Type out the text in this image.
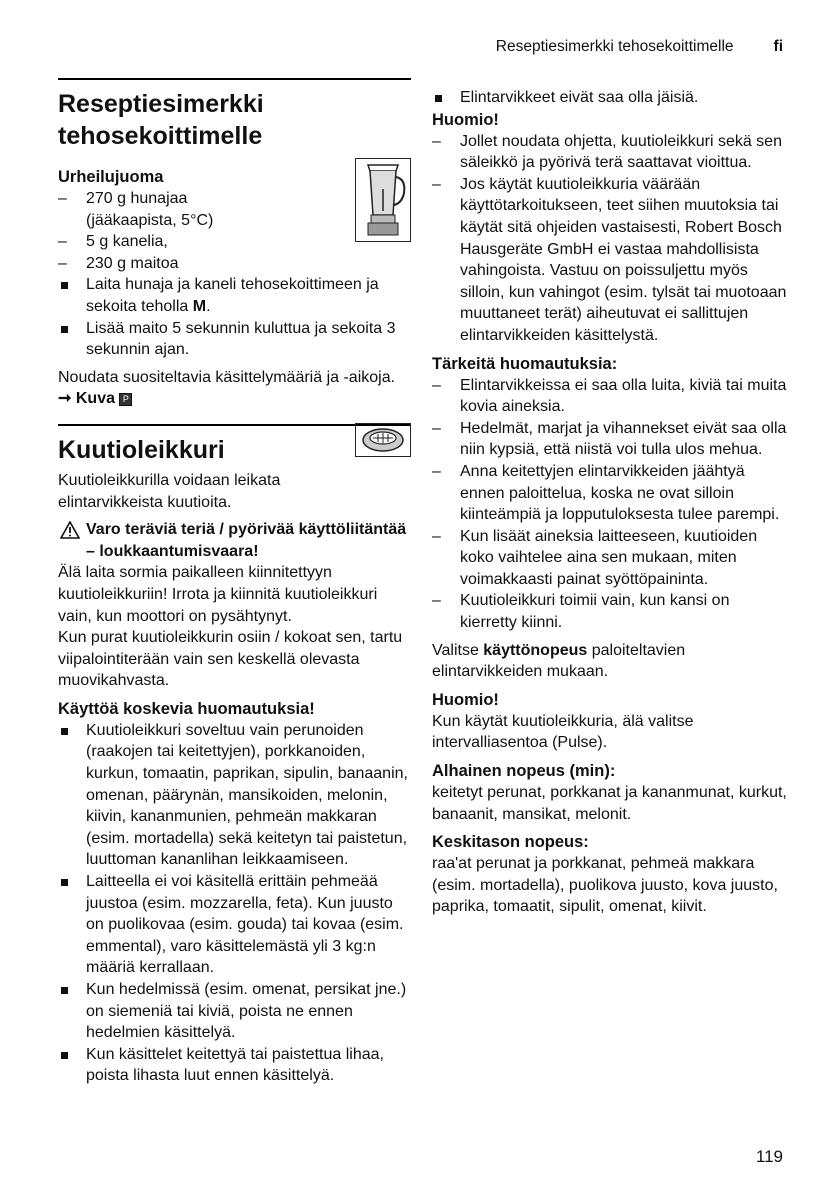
Reseptiesimerkki tehosekoittimelle	fi
Reseptiesimerkki
tehosekoittimelle
Urheilujuoma
– 270 g hunajaa
(jääkaapista, 5°C)
– 5 g kanelia,
– 230 g maitoa
Laita hunaja ja kaneli tehosekoittimeen ja sekoita teholla M.
Lisää maito 5 sekunnin kuluttua ja sekoita 3 sekunnin ajan.

Noudata suositeltavia käsittelymääriä ja -aikoja. ➞ Kuva P

Kuutioleikkuri

Kuutioleikkurilla voidaan leikata elintarvikkeista kuutioita.

Varo teräviä teriä / pyörivää käyttöliitäntää – loukkaantumisvaara!

Älä laita sormia paikalleen kiinnitettyyn kuutioleikkuriin! Irrota ja kiinnitä kuutioleikkuri vain, kun moottori on pysähtynyt.

Kun purat kuutioleikkurin osiin / kokoat sen, tartu viipalointiterään vain sen keskellä olevasta muovikahvasta.

Käyttöä koskevia huomautuksia!
Kuutioleikkuri soveltuu vain perunoiden (raakojen tai keitettyjen), porkkanoiden, kurkun, tomaatin, paprikan, sipulin, banaanin, omenan, päärynän, mansikoiden, melonin, kiivin, kananmunien, pehmeän makkaran (esim. mortadella) sekä keitetyn tai paistetun, luuttoman kananlihan leikkaamiseen.
Laitteella ei voi käsitellä erittäin pehmeää juustoa (esim. mozzarella, feta). Kun juusto on puolikovaa (esim. gouda) tai kovaa (esim. emmental), varo käsittelemästä yli 3 kg:n määriä kerrallaan.
Kun hedelmissä (esim. omenat, persikat jne.) on siemeniä tai kiviä, poista ne ennen hedelmien käsittelyä.
Kun käsittelet keitettyä tai paistettua lihaa, poista lihasta luut ennen käsittelyä.
Elintarvikkeet eivät saa olla jäisiä.
Huomio!
– Jollet noudata ohjetta, kuutioleikkuri sekä sen säleikkö ja pyörivä terä saattavat vioittua.
– Jos käytät kuutioleikkuria väärään käyttötarkoitukseen, teet siihen muutoksia tai käytät sitä ohjeiden vastaisesti, Robert Bosch Hausgeräte GmbH ei vastaa mahdollisista vahingoista. Vastuu on poissuljettu myös silloin, kun vahingot (esim. tylsät tai muotoaan muuttaneet terät) aiheutuvat ei sallittujen elintarvikkeiden käsittelystä.
Tärkeitä huomautuksia:
– Elintarvikkeissa ei saa olla luita, kiviä tai muita kovia aineksia.
– Hedelmät, marjat ja vihannekset eivät saa olla niin kypsiä, että niistä voi tulla ulos mehua.
– Anna keitettyjen elintarvikkeiden jäähtyä ennen paloittelua, koska ne ovat silloin kiinteämpiä ja lopputuloksesta tulee parempi.
– Kun lisäät aineksia laitteeseen, kuutioiden koko vaihtelee aina sen mukaan, miten voimakkaasti painat syöttöpaininta.
– Kuutioleikkuri toimii vain, kun kansi on kierretty kiinni.

Valitse käyttönopeus paloiteltavien elintarvikkeiden mukaan.

Huomio!

Kun käytät kuutioleikkuria, älä valitse intervalliasentoa (Pulse).

Alhainen nopeus (min):

keitetyt perunat, porkkanat ja kananmunat, kurkut, banaanit, mansikat, melonit.

Keskitason nopeus:

raa'at perunat ja porkkanat, pehmeä makkara (esim. mortadella), puolikova juusto, kova juusto, paprika, tomaatit, sipulit, omenat, kiivit.

119
